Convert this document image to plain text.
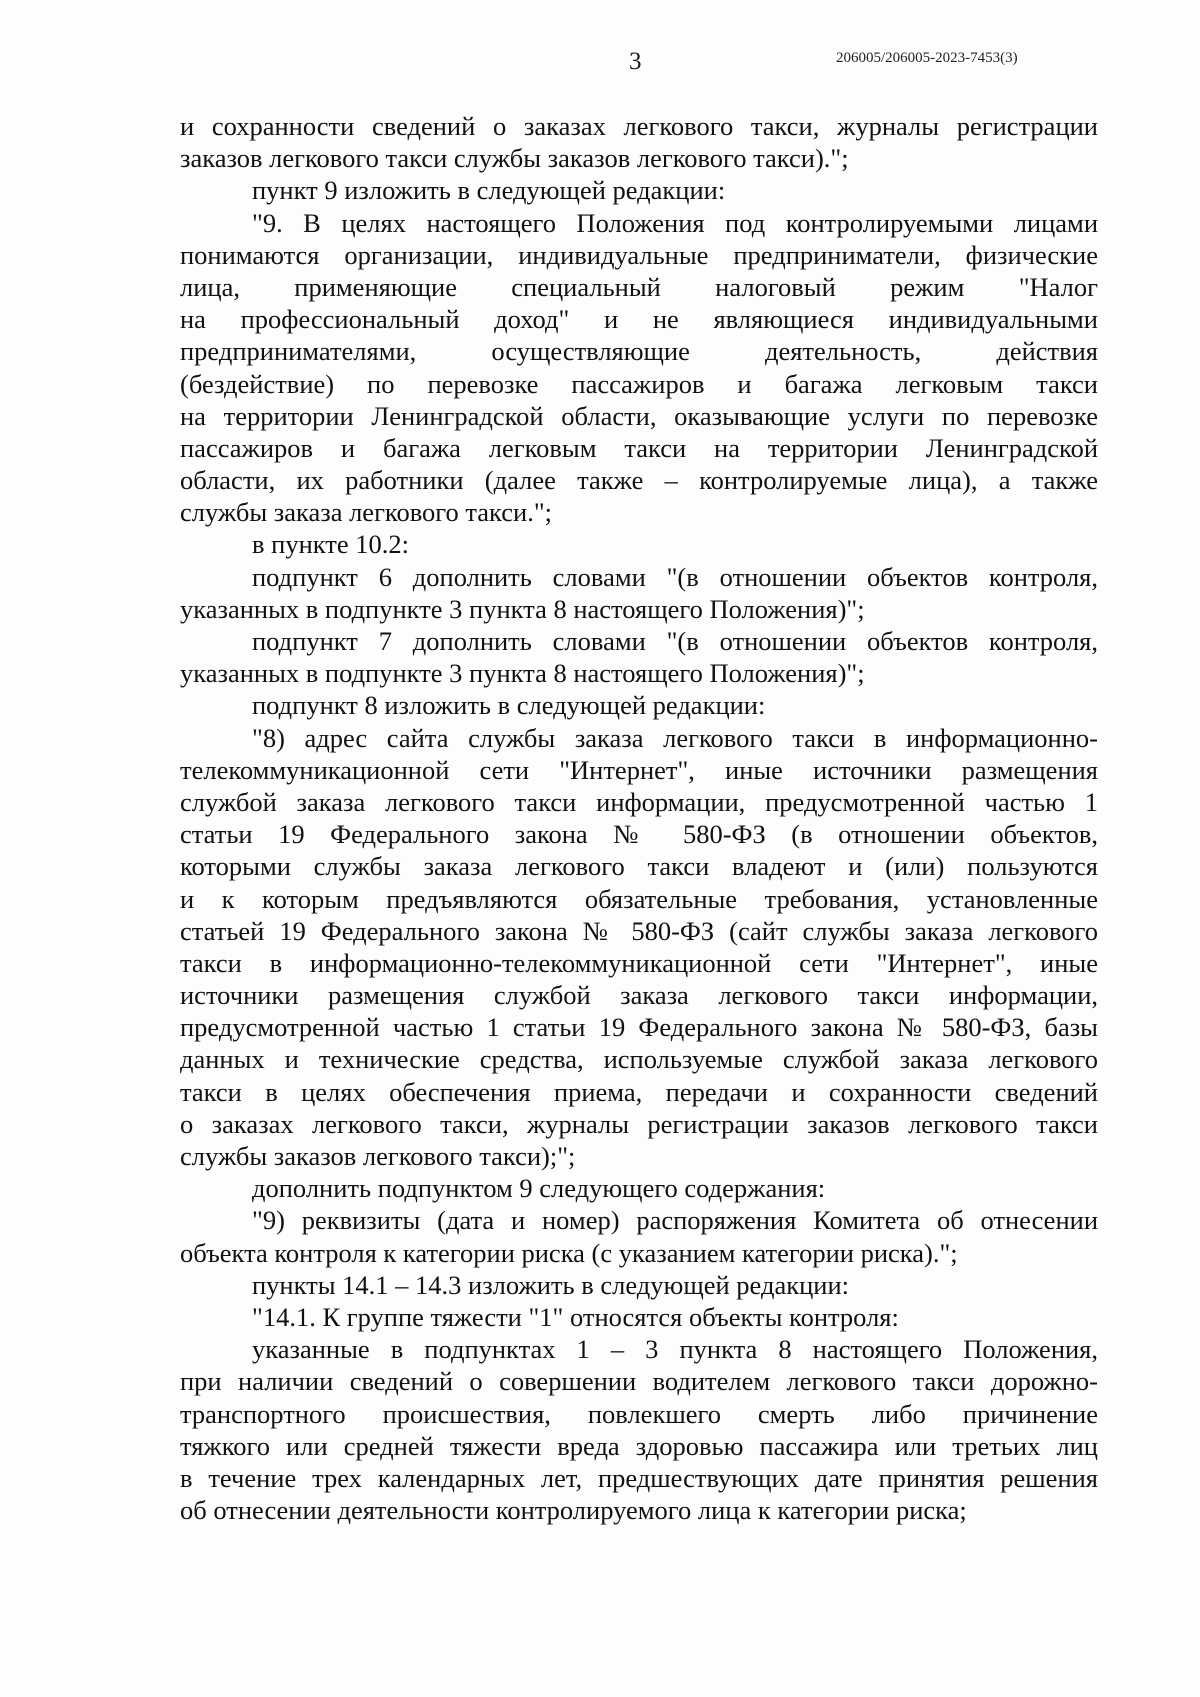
3	206005/206005-2023-7453(3)
и сохранности сведений о заказах легкового такси, журналы регистрации
заказов легкового такси службы заказов легкового такси).";
пункт 9 изложить в следующей редакции:
"9. В целях настоящего Положения под контролируемыми лицами
понимаются организации, индивидуальные предприниматели, физические
лица, применяющие специальный налоговый режим "Налог
на профессиональный доход" и не являющиеся индивидуальными
предпринимателями, осуществляющие деятельность, действия
(бездействие) по перевозке пассажиров и багажа легковым такси
на территории Ленинградской области, оказывающие услуги по перевозке
пассажиров и багажа легковым такси на территории Ленинградской
области, их работники (далее также – контролируемые лица), а также
службы заказа легкового такси.";
в пункте 10.2:
подпункт 6 дополнить словами "(в отношении объектов контроля,
указанных в подпункте 3 пункта 8 настоящего Положения)";
подпункт 7 дополнить словами "(в отношении объектов контроля,
указанных в подпункте 3 пункта 8 настоящего Положения)";
подпункт 8 изложить в следующей редакции:
"8) адрес сайта службы заказа легкового такси в информационно-
телекоммуникационной сети "Интернет", иные источники размещения
службой заказа легкового такси информации, предусмотренной частью 1
статьи 19 Федерального закона № 580-ФЗ (в отношении объектов,
которыми службы заказа легкового такси владеют и (или) пользуются
и к которым предъявляются обязательные требования, установленные
статьей 19 Федерального закона № 580-ФЗ (сайт службы заказа легкового
такси в информационно-телекоммуникационной сети "Интернет", иные
источники размещения службой заказа легкового такси информации,
предусмотренной частью 1 статьи 19 Федерального закона № 580-ФЗ, базы
данных и технические средства, используемые службой заказа легкового
такси в целях обеспечения приема, передачи и сохранности сведений
о заказах легкового такси, журналы регистрации заказов легкового такси
службы заказов легкового такси);";
дополнить подпунктом 9 следующего содержания:
"9) реквизиты (дата и номер) распоряжения Комитета об отнесении
объекта контроля к категории риска (с указанием категории риска).";
пункты 14.1 – 14.3 изложить в следующей редакции:
"14.1. К группе тяжести "1" относятся объекты контроля:
указанные в подпунктах 1 – 3 пункта 8 настоящего Положения,
при наличии сведений о совершении водителем легкового такси дорожно-
транспортного происшествия, повлекшего смерть либо причинение
тяжкого или средней тяжести вреда здоровью пассажира или третьих лиц
в течение трех календарных лет, предшествующих дате принятия решения
об отнесении деятельности контролируемого лица к категории риска;
